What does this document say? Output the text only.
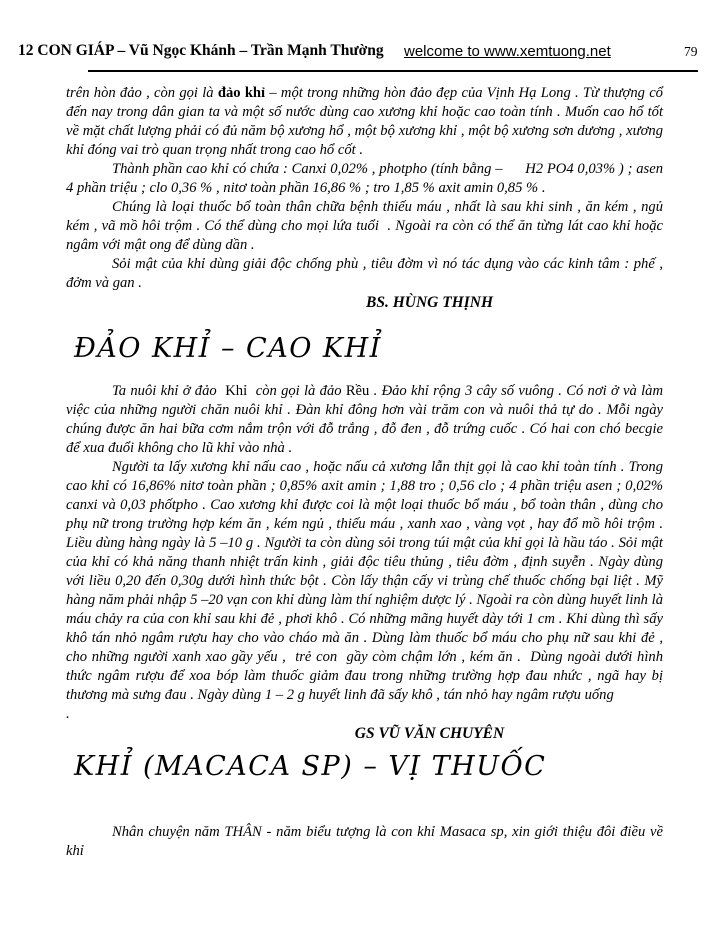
12 CON GIÁP – Vũ Ngọc Khánh – Trần Mạnh Thường welcome to www.xemtuong.net	79

trên hòn đảo , còn gọi là đảo khỉ – một trong những hòn đảo đẹp của Vịnh Hạ Long . Từ thượng cổ đến nay trong dân gian ta và một số nước dùng cao xương khỉ hoặc cao toàn tính . Muốn cao hổ tốt về mặt chất lượng phải có đủ năm bộ xương hổ , một bộ xương khỉ , một bộ xương sơn dương , xương khỉ đóng vai trò quan trọng nhất trong cao hổ cốt .

Thành phần cao khỉ có chứa : Canxi 0,02% , photpho (tính bằng –      H2 PO4 0,03% ) ; asen 4 phần triệu ; clo 0,36 % , nitơ toàn phần 16,86 % ; tro 1,85 % axit amin 0,85 % .

Chúng là loại thuốc bổ toàn thân chữa bệnh thiếu máu , nhất là sau khi sinh , ăn kém , ngủ kém , vã mồ hôi trộm . Có thể dùng cho mọi lứa tuổi  . Ngoài ra còn có thể ăn từng lát cao khỉ hoặc ngâm với mật ong để dùng dần .

Sỏi mật của khỉ dùng giải độc chống phù , tiêu đờm vì nó tác dụng vào các kinh tâm : phế , đởm và gan .

BS. HÙNG THỊNH

ĐẢO KHỈ – CAO KHỈ

Ta nuôi khỉ ở đảo  Khỉ  còn gọi là đảo Rều . Đảo khỉ rộng 3 cây số vuông . Có nơi ở và làm việc của những người chăn nuôi khỉ . Đàn khỉ đông hơn vài trăm con và nuôi thả tự do . Mỗi ngày chúng được ăn hai bữa cơm nắm trộn với đỗ trắng , đỗ đen , đỗ trứng cuốc . Có hai con chó becgie để xua đuổi không cho lũ khỉ vào nhà .

Người ta lấy xương khỉ nấu cao , hoặc nấu cả xương lẫn thịt gọi là cao khỉ toàn tính . Trong cao khỉ có 16,86% nitơ toàn phần ; 0,85% axit amin ; 1,88 tro ; 0,56 clo ; 4 phần triệu asen ; 0,02% canxi và 0,03 phốtpho . Cao xương khỉ được coi là một loại thuốc bổ máu , bổ toàn thân , dùng cho phụ nữ trong trường hợp kém ăn , kém ngủ , thiếu máu , xanh xao , vàng vọt , hay đổ mồ hôi trộm . Liều dùng hàng ngày là 5 –10 g . Người ta còn dùng sỏi trong túi mật của khỉ gọi là hầu táo . Sỏi mật của khỉ có khả năng thanh nhiệt trấn kinh , giải độc tiêu thủng , tiêu đờm , định suyễn . Ngày dùng với liều 0,20 đến 0,30g dưới hình thức bột . Còn lấy thận cấy vi trùng chế thuốc chống bại liệt . Mỹ hàng năm phải nhập 5 –20 vạn con khỉ dùng làm thí nghiệm dược lý . Ngoài ra còn dùng huyết linh là máu chảy ra của con khỉ sau khi đẻ , phơi khô . Có những mãng huyết dày tới 1 cm . Khi dùng thì sấy khô tán nhỏ ngâm rượu hay cho vào cháo mà ăn . Dùng làm thuốc bổ máu cho phụ nữ sau khi đẻ , cho những người xanh xao gầy yếu ,  trẻ con  gầy còm chậm lớn , kém ăn .  Dùng ngoài dưới hình thức ngâm rượu để xoa bóp làm thuốc giảm đau trong những trường hợp đau nhức , ngã hay bị thương mà sưng đau . Ngày dùng 1 – 2 g huyết linh đã sấy khô , tán nhỏ hay ngâm rượu uống

.

GS VŨ VĂN CHUYÊN

KHỈ (MACACA SP) – VỊ THUỐC

Nhân chuyện năm THÂN - năm biểu tượng là con khỉ Masaca sp, xin giới thiệu đôi điều về khỉ
